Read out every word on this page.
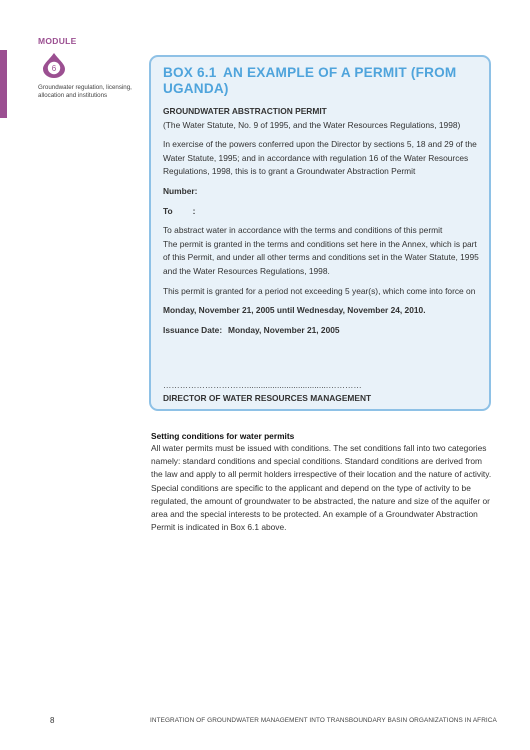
MODULE
6
Groundwater regulation, licensing, allocation and institutions
BOX 6.1 AN EXAMPLE OF A PERMIT (FROM UGANDA)
GROUNDWATER ABSTRACTION PERMIT

(The Water Statute, No. 9 of 1995, and the Water Resources Regulations, 1998)

In exercise of the powers conferred upon the Director by sections 5, 18 and 29 of the Water Statute, 1995; and in accordance with regulation 16 of the Water Resources Regulations, 1998, this is to grant a Groundwater Abstraction Permit

Number:

To :

To abstract water in accordance with the terms and conditions of this permit
The permit is granted in the terms and conditions set here in the Annex, which is part of this Permit, and under all other terms and conditions set in the Water Statute, 1995 and the Water Resources Regulations, 1998.

This permit is granted for a period not exceeding 5 year(s), which come into force on

Monday, November 21, 2005 until Wednesday, November 24, 2010.

Issuance Date: Monday, November 21, 2005

…………………………...................................…………
DIRECTOR OF WATER RESOURCES MANAGEMENT
Setting conditions for water permits

All water permits must be issued with conditions. The set conditions fall into two categories namely: standard conditions and special conditions. Standard conditions are derived from the law and apply to all permit holders irrespective of their location and the nature of activity. Special conditions are specific to the applicant and depend on the type of activity to be regulated, the amount of groundwater to be abstracted, the nature and size of the aquifer or area and the special interests to be protected. An example of a Groundwater Abstraction Permit is indicated in Box 6.1 above.

8	INTEGRATION OF GROUNDWATER MANAGEMENT INTO TRANSBOUNDARY BASIN ORGANIZATIONS IN AFRICA
